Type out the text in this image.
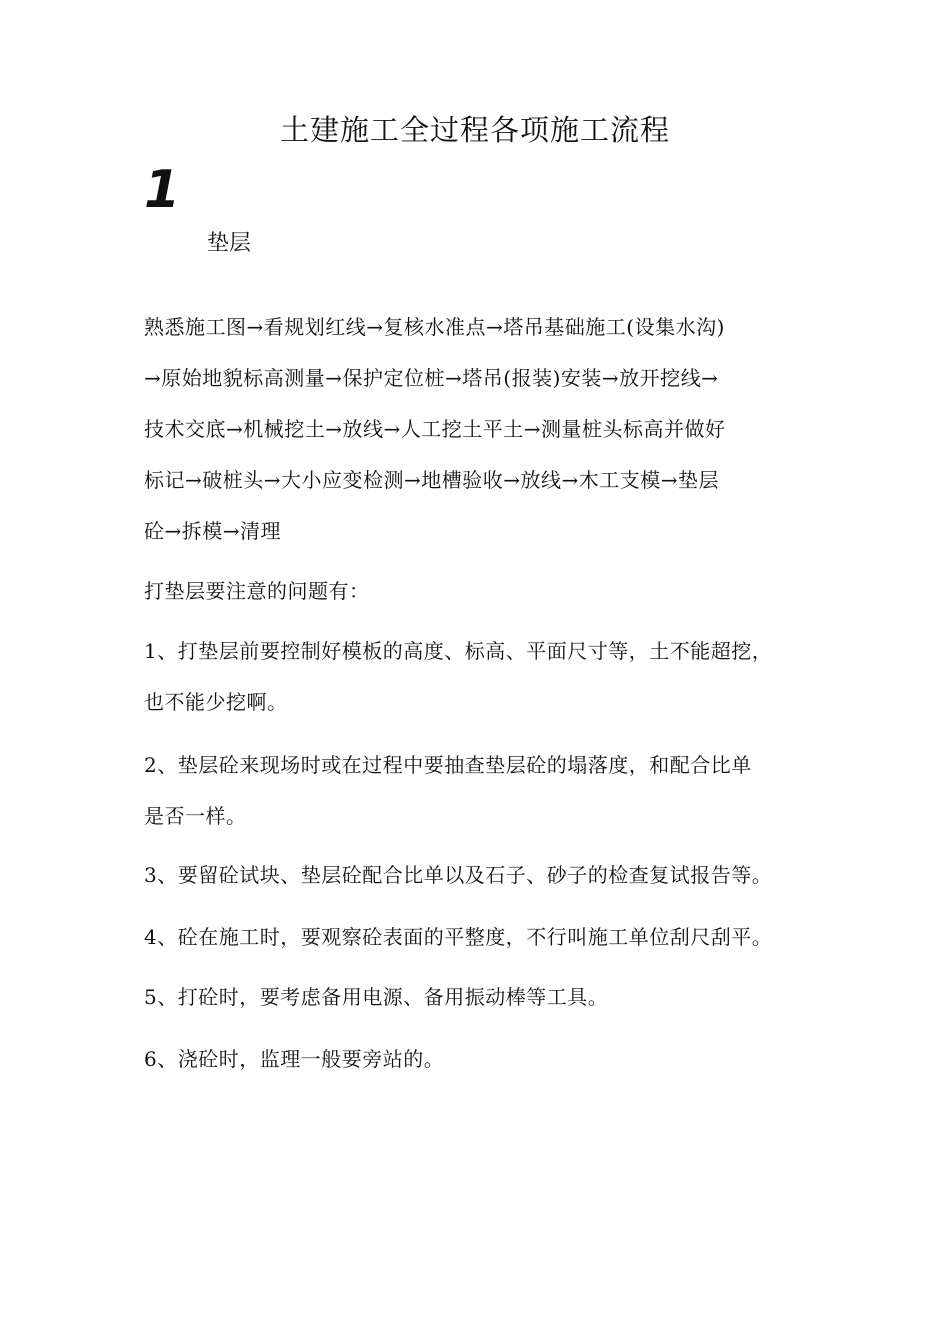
土建施工全过程各项施工流程
1
垫层
熟悉施工图→看规划红线→复核水准点→塔吊基础施工(设集水沟)
→原始地貌标高测量→保护定位桩→塔吊(报装)安装→放开挖线→
技术交底→机械挖土→放线→人工挖土平土→测量桩头标高并做好
标记→破桩头→大小应变检测→地槽验收→放线→木工支模→垫层
砼→拆模→清理
打垫层要注意的问题有：
1、打垫层前要控制好模板的高度、标高、平面尺寸等，土不能超挖，
也不能少挖啊。
2、垫层砼来现场时或在过程中要抽查垫层砼的塌落度，和配合比单
是否一样。
3、要留砼试块、垫层砼配合比单以及石子、砂子的检查复试报告等。
4、砼在施工时，要观察砼表面的平整度，不行叫施工单位刮尺刮平。
5、打砼时，要考虑备用电源、备用振动棒等工具。
6、浇砼时，监理一般要旁站的。
